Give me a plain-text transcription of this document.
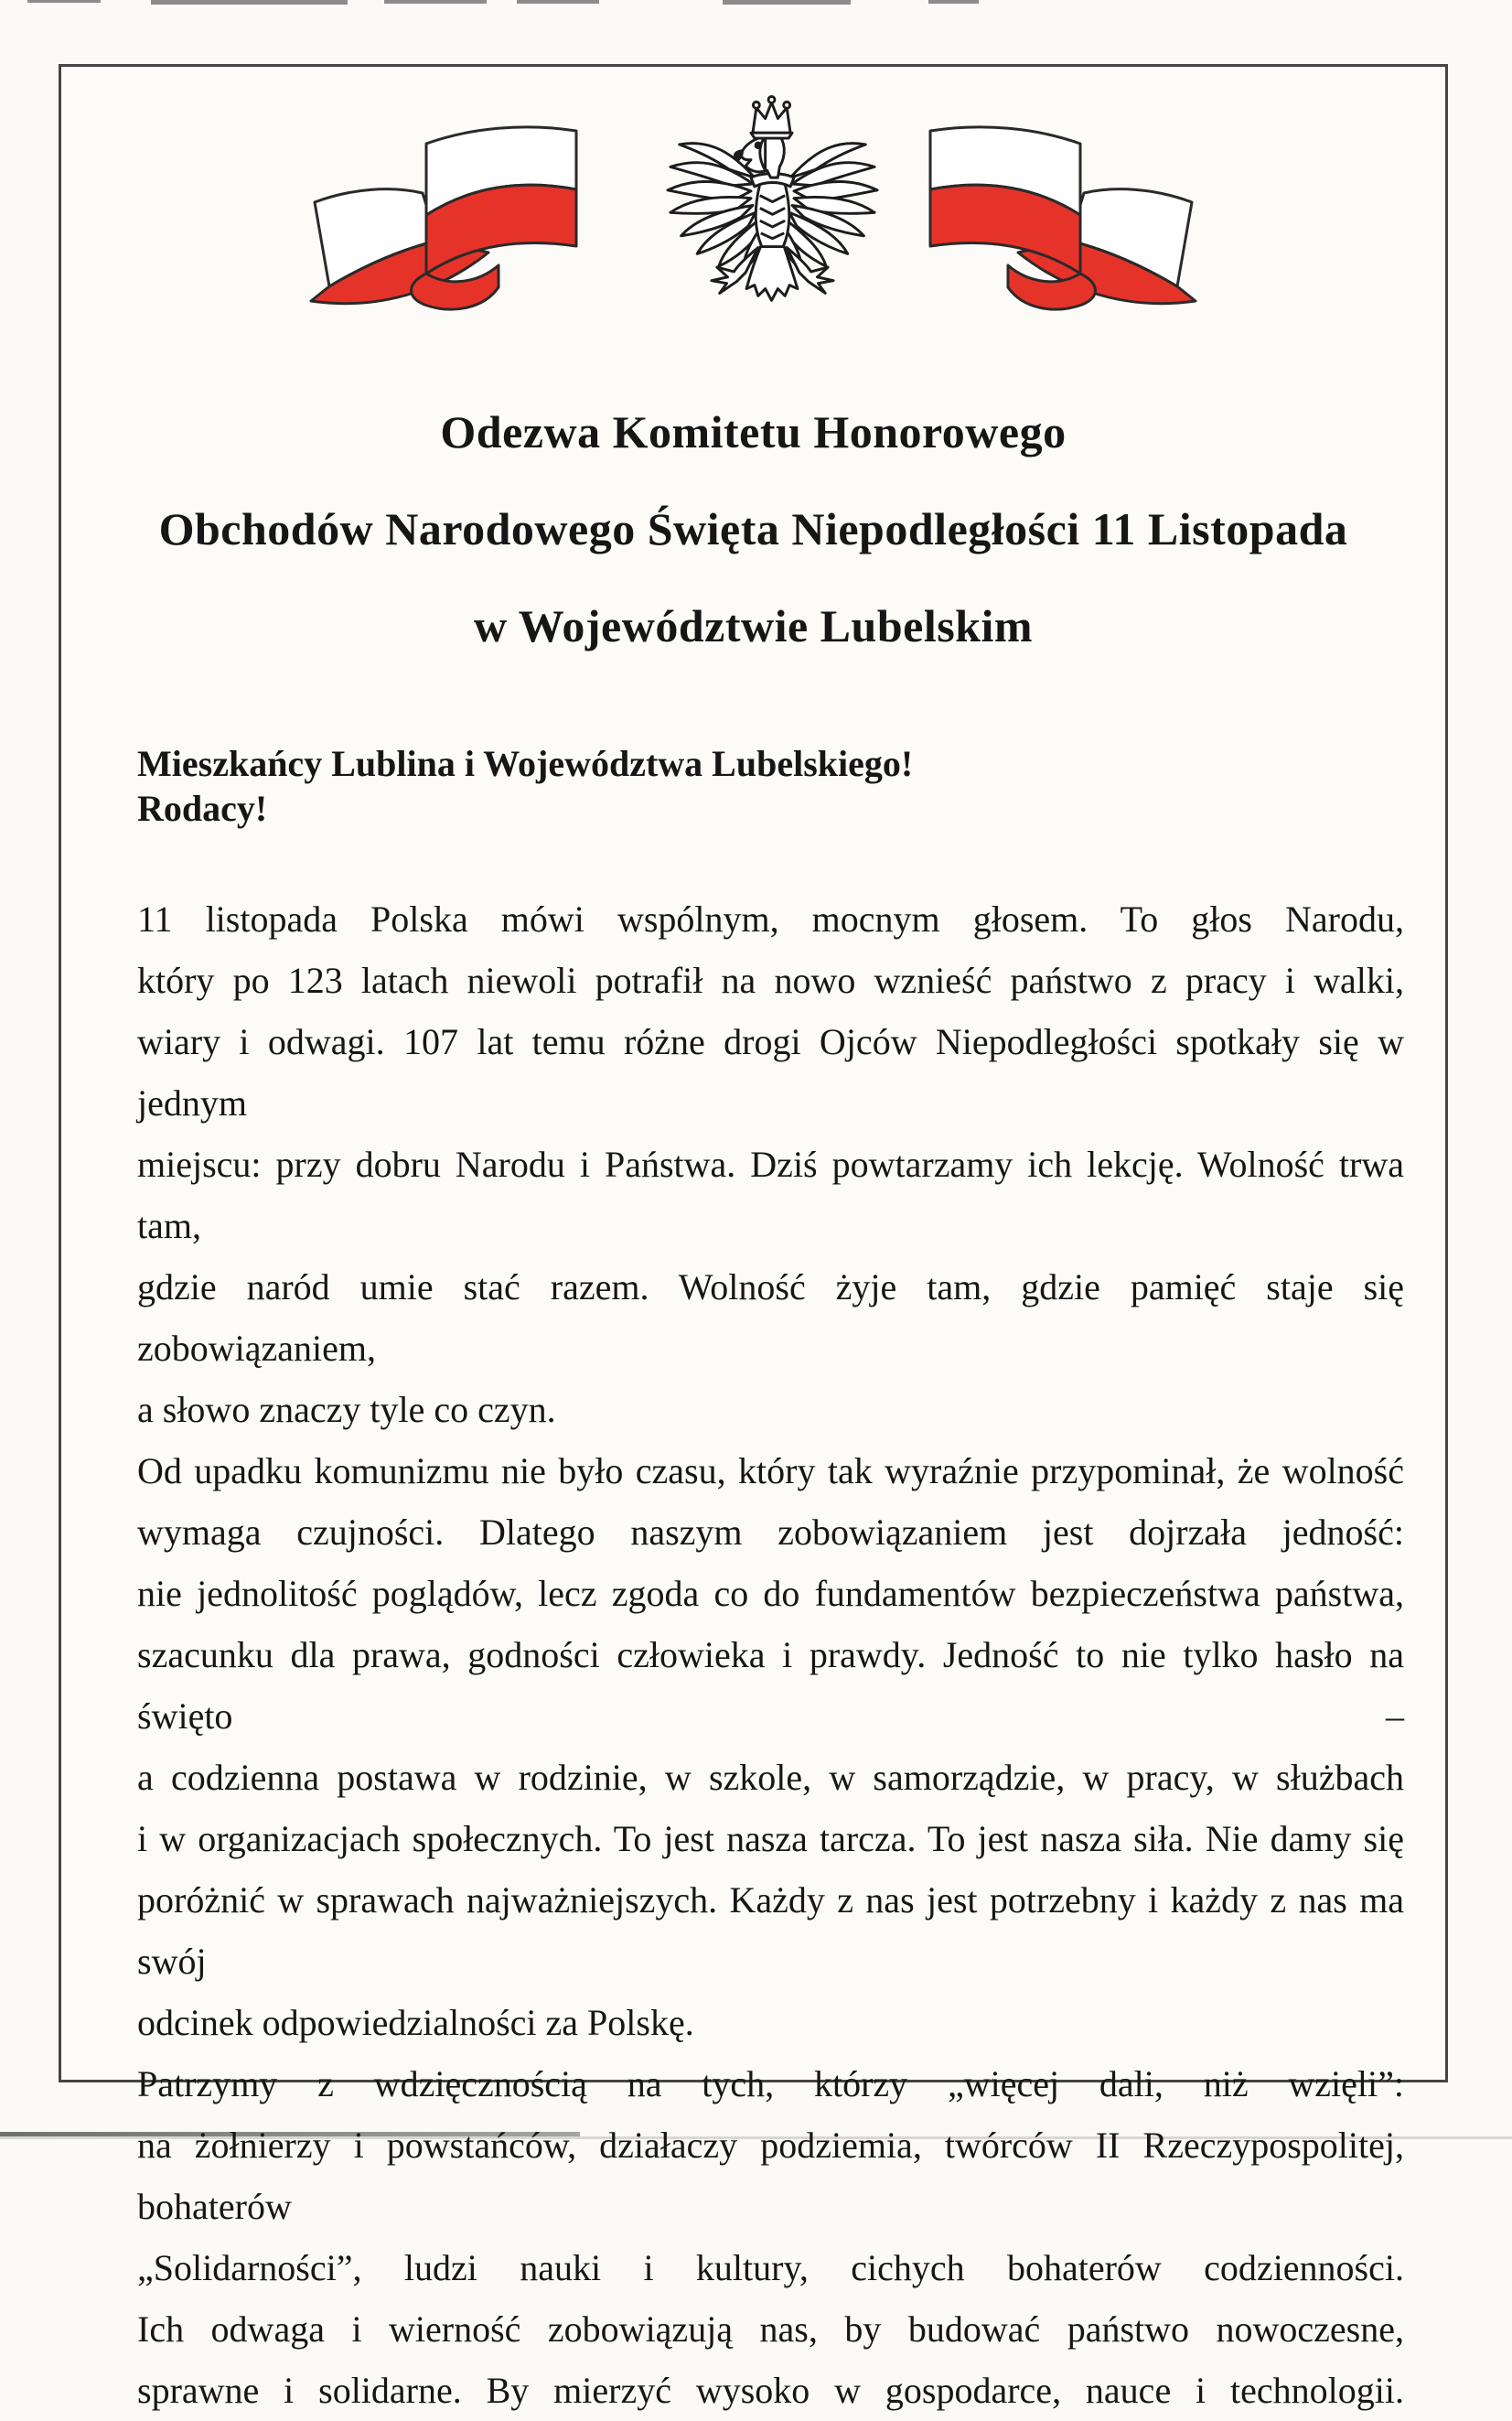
Odezwa Komitetu Honorowego
Obchodów Narodowego Święta Niepodległości 11 Listopada
w Województwie Lubelskim
Mieszkańcy Lublina i Województwa Lubelskiego!
Rodacy!
11 listopada Polska mówi wspólnym, mocnym głosem. To głos Narodu,
który po 123 latach niewoli potrafił na nowo wznieść państwo z pracy i walki,
wiary i odwagi. 107 lat temu różne drogi Ojców Niepodległości spotkały się w jednym
miejscu: przy dobru Narodu i Państwa. Dziś powtarzamy ich lekcję. Wolność trwa tam,
gdzie naród umie stać razem. Wolność żyje tam, gdzie pamięć staje się zobowiązaniem,
a słowo znaczy tyle co czyn.
Od upadku komunizmu nie było czasu, który tak wyraźnie przypominał, że wolność
wymaga czujności. Dlatego naszym zobowiązaniem jest dojrzała jedność:
nie jednolitość poglądów, lecz zgoda co do fundamentów bezpieczeństwa państwa,
szacunku dla prawa, godności człowieka i prawdy. Jedność to nie tylko hasło na święto –
a codzienna postawa w rodzinie, w szkole, w samorządzie, w pracy, w służbach
i w organizacjach społecznych. To jest nasza tarcza. To jest nasza siła. Nie damy się
poróżnić w sprawach najważniejszych. Każdy z nas jest potrzebny i każdy z nas ma swój
odcinek odpowiedzialności za Polskę.
Patrzymy z wdzięcznością na tych, którzy „więcej dali, niż wzięli”:
na żołnierzy i powstańców, działaczy podziemia, twórców II Rzeczypospolitej, bohaterów
„Solidarności”, ludzi nauki i kultury, cichych bohaterów codzienności.
Ich odwaga i wierność zobowiązują nas, by budować państwo nowoczesne,
sprawne i solidarne. By mierzyć wysoko w gospodarce, nauce i technologii.
